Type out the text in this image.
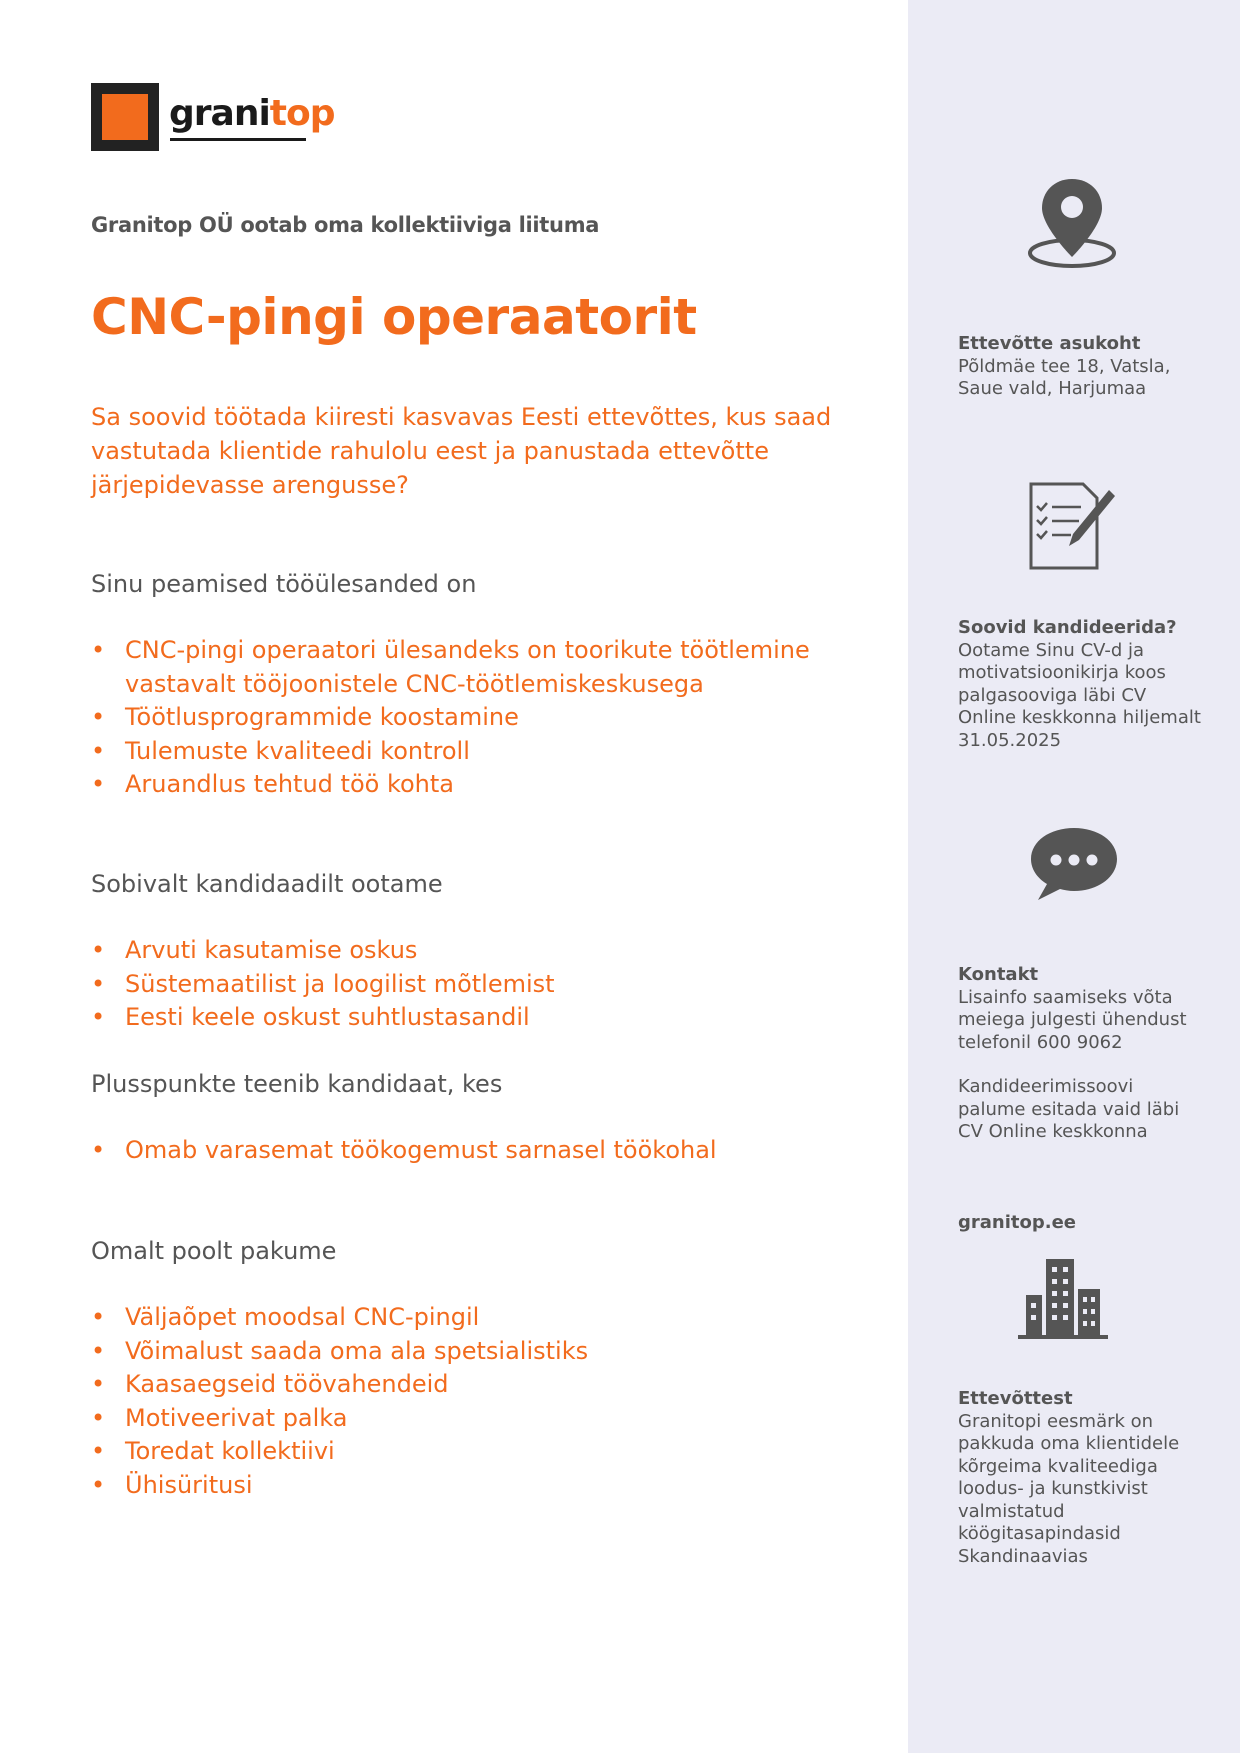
granitop
Granitop OÜ ootab oma kollektiiviga liituma
CNC-pingi operaatorit
Sa soovid töötada kiiresti kasvavas Eesti ettevõttes, kus saad vastutada klientide rahulolu eest ja panustada ettevõtte järjepidevasse arengusse?
Sinu peamised tööülesanded on
• CNC-pingi operaatori ülesandeks on toorikute töötlemine vastavalt tööjoonistele CNC-töötlemiskeskusega
• Töötlusprogrammide koostamine
• Tulemuste kvaliteedi kontroll
• Aruandlus tehtud töö kohta
Sobivalt kandidaadilt ootame
• Arvuti kasutamise oskus
• Süstemaatilist ja loogilist mõtlemist
• Eesti keele oskust suhtlustasandil
Plusspunkte teenib kandidaat, kes
• Omab varasemat töökogemust sarnasel töökohal
Omalt poolt pakume
• Väljaõpet moodsal CNC-pingil
• Võimalust saada oma ala spetsialistiks
• Kaasaegseid töövahendeid
• Motiveerivat palka
• Toredat kollektiivi
• Ühisüritusi
Ettevõtte asukoht
Põldmäe tee 18, Vatsla, Saue vald, Harjumaa
Soovid kandideerida?
Ootame Sinu CV-d ja motivatsioonikirja koos palgasooviga läbi CV Online keskkonna hiljemalt 31.05.2025
Kontakt
Lisainfo saamiseks võta meiega julgesti ühendust telefonil 600 9062
Kandideerimissoovi palume esitada vaid läbi CV Online keskkonna
granitop.ee
Ettevõttest
Granitopi eesmärk on pakkuda oma klientidele kõrgeima kvaliteediga loodus- ja kunstkivist valmistatud köögitasapindasid Skandinaavias
